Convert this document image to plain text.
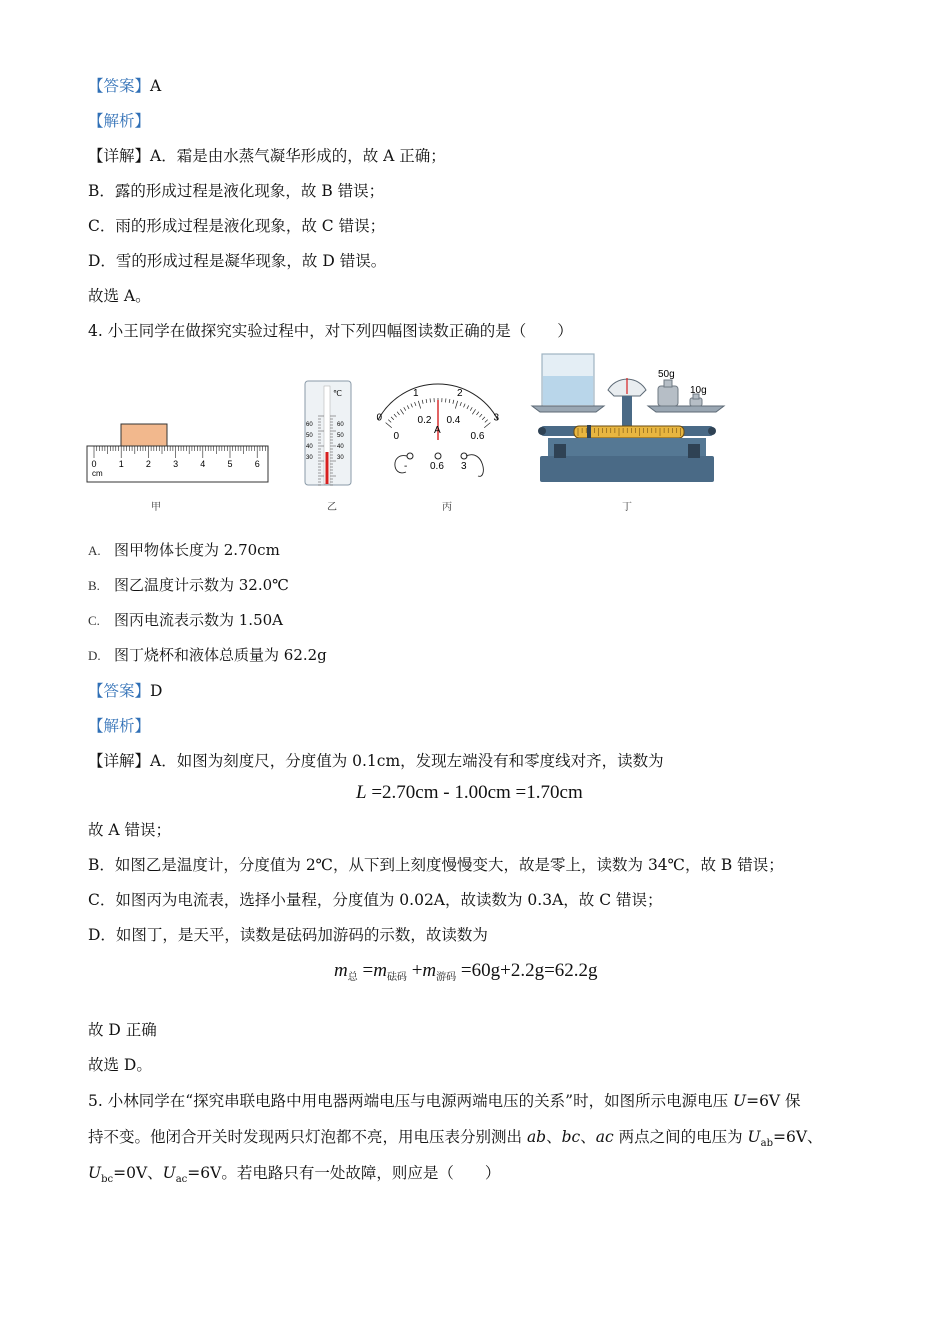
【答案】A
【解析】
【详解】A．霜是由水蒸气凝华形成的，故 A 正确；
B．露的形成过程是液化现象，故 B 错误；
C．雨的形成过程是液化现象，故 C 错误；
D．雪的形成过程是凝华现象，故 D 错误。
故选 A。
4. 小王同学在做探究实验过程中，对下列四幅图读数正确的是（　　）
0 1 2 3 4 5 6
cm
℃
60	60
50	50
40	40
30	30
0
1	2
3
0
0.2 0.4
0.6
A
- 0.6 3
50g
10g
甲	乙	丙	丁
A. 图甲物体长度为 2.70cm
B. 图乙温度计示数为 32.0℃
C. 图丙电流表示数为 1.50A
D. 图丁烧杯和液体总质量为 62.2g
【答案】D
【解析】
【详解】A．如图为刻度尺，分度值为 0.1cm，发现左端没有和零度线对齐，读数为
L =2.70cm - 1.00cm =1.70cm
故 A 错误；
B．如图乙是温度计，分度值为 2℃，从下到上刻度慢慢变大，故是零上，读数为 34℃，故 B 错误；
C．如图丙为电流表，选择小量程，分度值为 0.02A，故读数为 0.3A，故 C 错误；
D．如图丁，是天平，读数是砝码加游码的示数，故读数为
$m_总 =m_{砝码} +m_{游码} =60g+2.2g=62.2g$
故 D 正确
故选 D。
5. 小林同学在“探究串联电路中用电器两端电压与电源两端电压的关系”时，如图所示电源电压 U=6V 保
持不变。他闭合开关时发现两只灯泡都不亮，用电压表分别测出 ab、bc、ac 两点之间的电压为 $U_{ab}=6V$、
$U_{bc}=0V$、$U_{ac}=6V$。若电路只有一处故障，则应是（　　）
